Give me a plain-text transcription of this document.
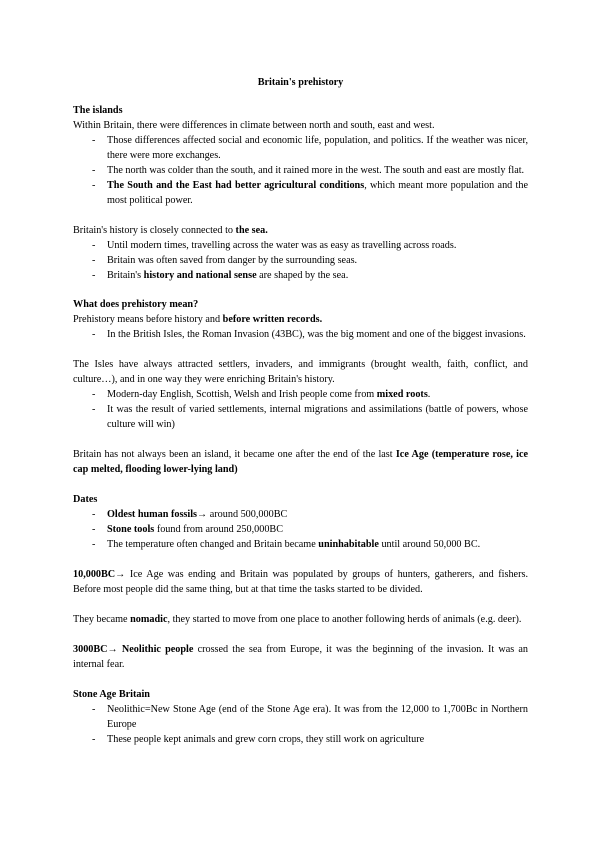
Britain's prehistory

The islands

Within Britain, there were differences in climate between north and south, east and west.

- Those differences affected social and economic life, population, and politics. If the weather was nicer, there were more exchanges.
- The north was colder than the south, and it rained more in the west. The south and east are mostly flat.
- The South and the East had better agricultural conditions, which meant more population and the most political power.

Britain's history is closely connected to the sea.

- Until modern times, travelling across the water was as easy as travelling across roads.
- Britain was often saved from danger by the surrounding seas.
- Britain's history and national sense are shaped by the sea.

What does prehistory mean?

Prehistory means before history and before written records.

- In the British Isles, the Roman Invasion (43BC), was the big moment and one of the biggest invasions.

The Isles have always attracted settlers, invaders, and immigrants (brought wealth, faith, conflict, and culture…), and in one way they were enriching Britain's history.

- Modern-day English, Scottish, Welsh and Irish people come from mixed roots.
- It was the result of varied settlements, internal migrations and assimilations (battle of powers, whose culture will win)

Britain has not always been an island, it became one after the end of the last Ice Age (temperature rose, ice cap melted, flooding lower-lying land)

Dates

- Oldest human fossils→ around 500,000BC
- Stone tools found from around 250,000BC
- The temperature often changed and Britain became uninhabitable until around 50,000 BC.

10,000BC→ Ice Age was ending and Britain was populated by groups of hunters, gatherers, and fishers. Before most people did the same thing, but at that time the tasks started to be divided.

They became nomadic, they started to move from one place to another following herds of animals (e.g. deer).

3000BC→ Neolithic people crossed the sea from Europe, it was the beginning of the invasion. It was an internal fear.

Stone Age Britain

- Neolithic=New Stone Age (end of the Stone Age era). It was from the 12,000 to 1,700Bc in Northern Europe
- These people kept animals and grew corn crops, they still work on agriculture
